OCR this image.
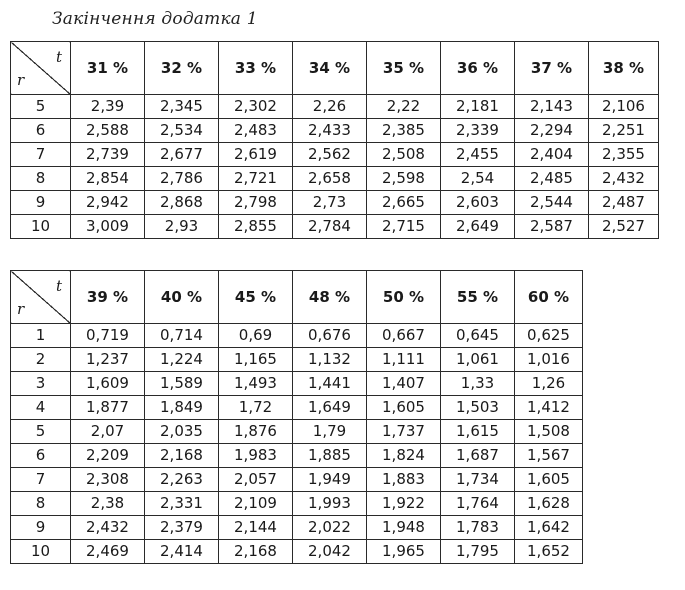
Закінчення додатка 1
t
r	31 %	32 %	33 %	34 %	35 %	36 %	37 %	38 %
5	2,39	2,345	2,302	2,26	2,22	2,181	2,143	2,106
6	2,588	2,534	2,483	2,433	2,385	2,339	2,294	2,251
7	2,739	2,677	2,619	2,562	2,508	2,455	2,404	2,355
8	2,854	2,786	2,721	2,658	2,598	2,54	2,485	2,432
9	2,942	2,868	2,798	2,73	2,665	2,603	2,544	2,487
10	3,009	2,93	2,855	2,784	2,715	2,649	2,587	2,527
t
r	39 %	40 %	45 %	48 %	50 %	55 %	60 %
1	0,719	0,714	0,69	0,676	0,667	0,645	0,625
2	1,237	1,224	1,165	1,132	1,111	1,061	1,016
3	1,609	1,589	1,493	1,441	1,407	1,33	1,26
4	1,877	1,849	1,72	1,649	1,605	1,503	1,412
5	2,07	2,035	1,876	1,79	1,737	1,615	1,508
6	2,209	2,168	1,983	1,885	1,824	1,687	1,567
7	2,308	2,263	2,057	1,949	1,883	1,734	1,605
8	2,38	2,331	2,109	1,993	1,922	1,764	1,628
9	2,432	2,379	2,144	2,022	1,948	1,783	1,642
10	2,469	2,414	2,168	2,042	1,965	1,795	1,652
